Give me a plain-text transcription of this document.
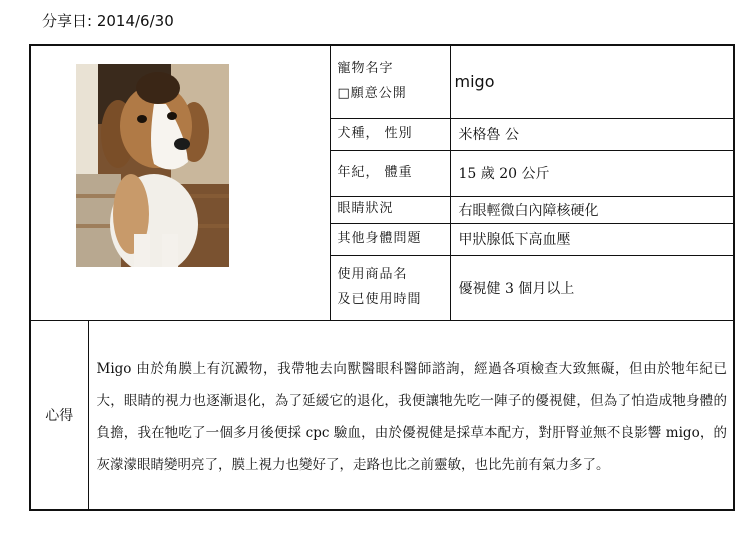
分享日: 2014/6/30

寵物名字
□願意公開	migo
		犬種， 性別	米格魯 公
		年紀， 體重	15 歲 20 公斤
		眼睛狀況	右眼輕微白內障核硬化
		其他身體問題	甲狀腺低下高血壓

		使用商品名
及已使用時間	優視健 3 個月以上
心得	Migo 由於角膜上有沉澱物，我帶牠去向獸醫眼科醫師諮詢，經過各項檢查大致無礙，但由於牠年紀已大，眼睛的視力也逐漸退化，為了延緩它的退化，我便讓牠先吃一陣子的優視健，但為了怕造成牠身體的負擔，我在牠吃了一個多月後便採 cpc 驗血，由於優視健是採草本配方，對肝腎並無不良影響 migo，的灰濛濛眼睛變明亮了，膜上視力也變好了，走路也比之前靈敏，也比先前有氣力多了。		
